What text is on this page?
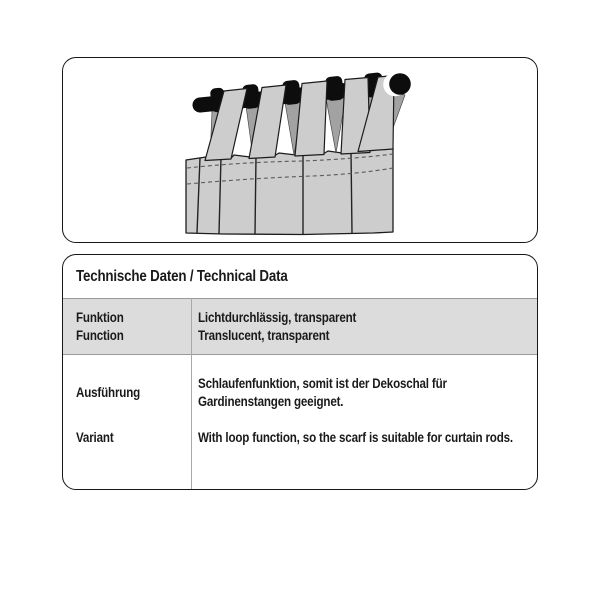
Technische Daten / Technical Data
Funktion
Function
Lichtdurchlässig, transparent
Translucent, transparent
Ausführung
Schlaufenfunktion, somit ist der Dekoschal für Gardinenstangen geeignet.
Variant	With loop function, so the scarf is suitable for curtain rods.
